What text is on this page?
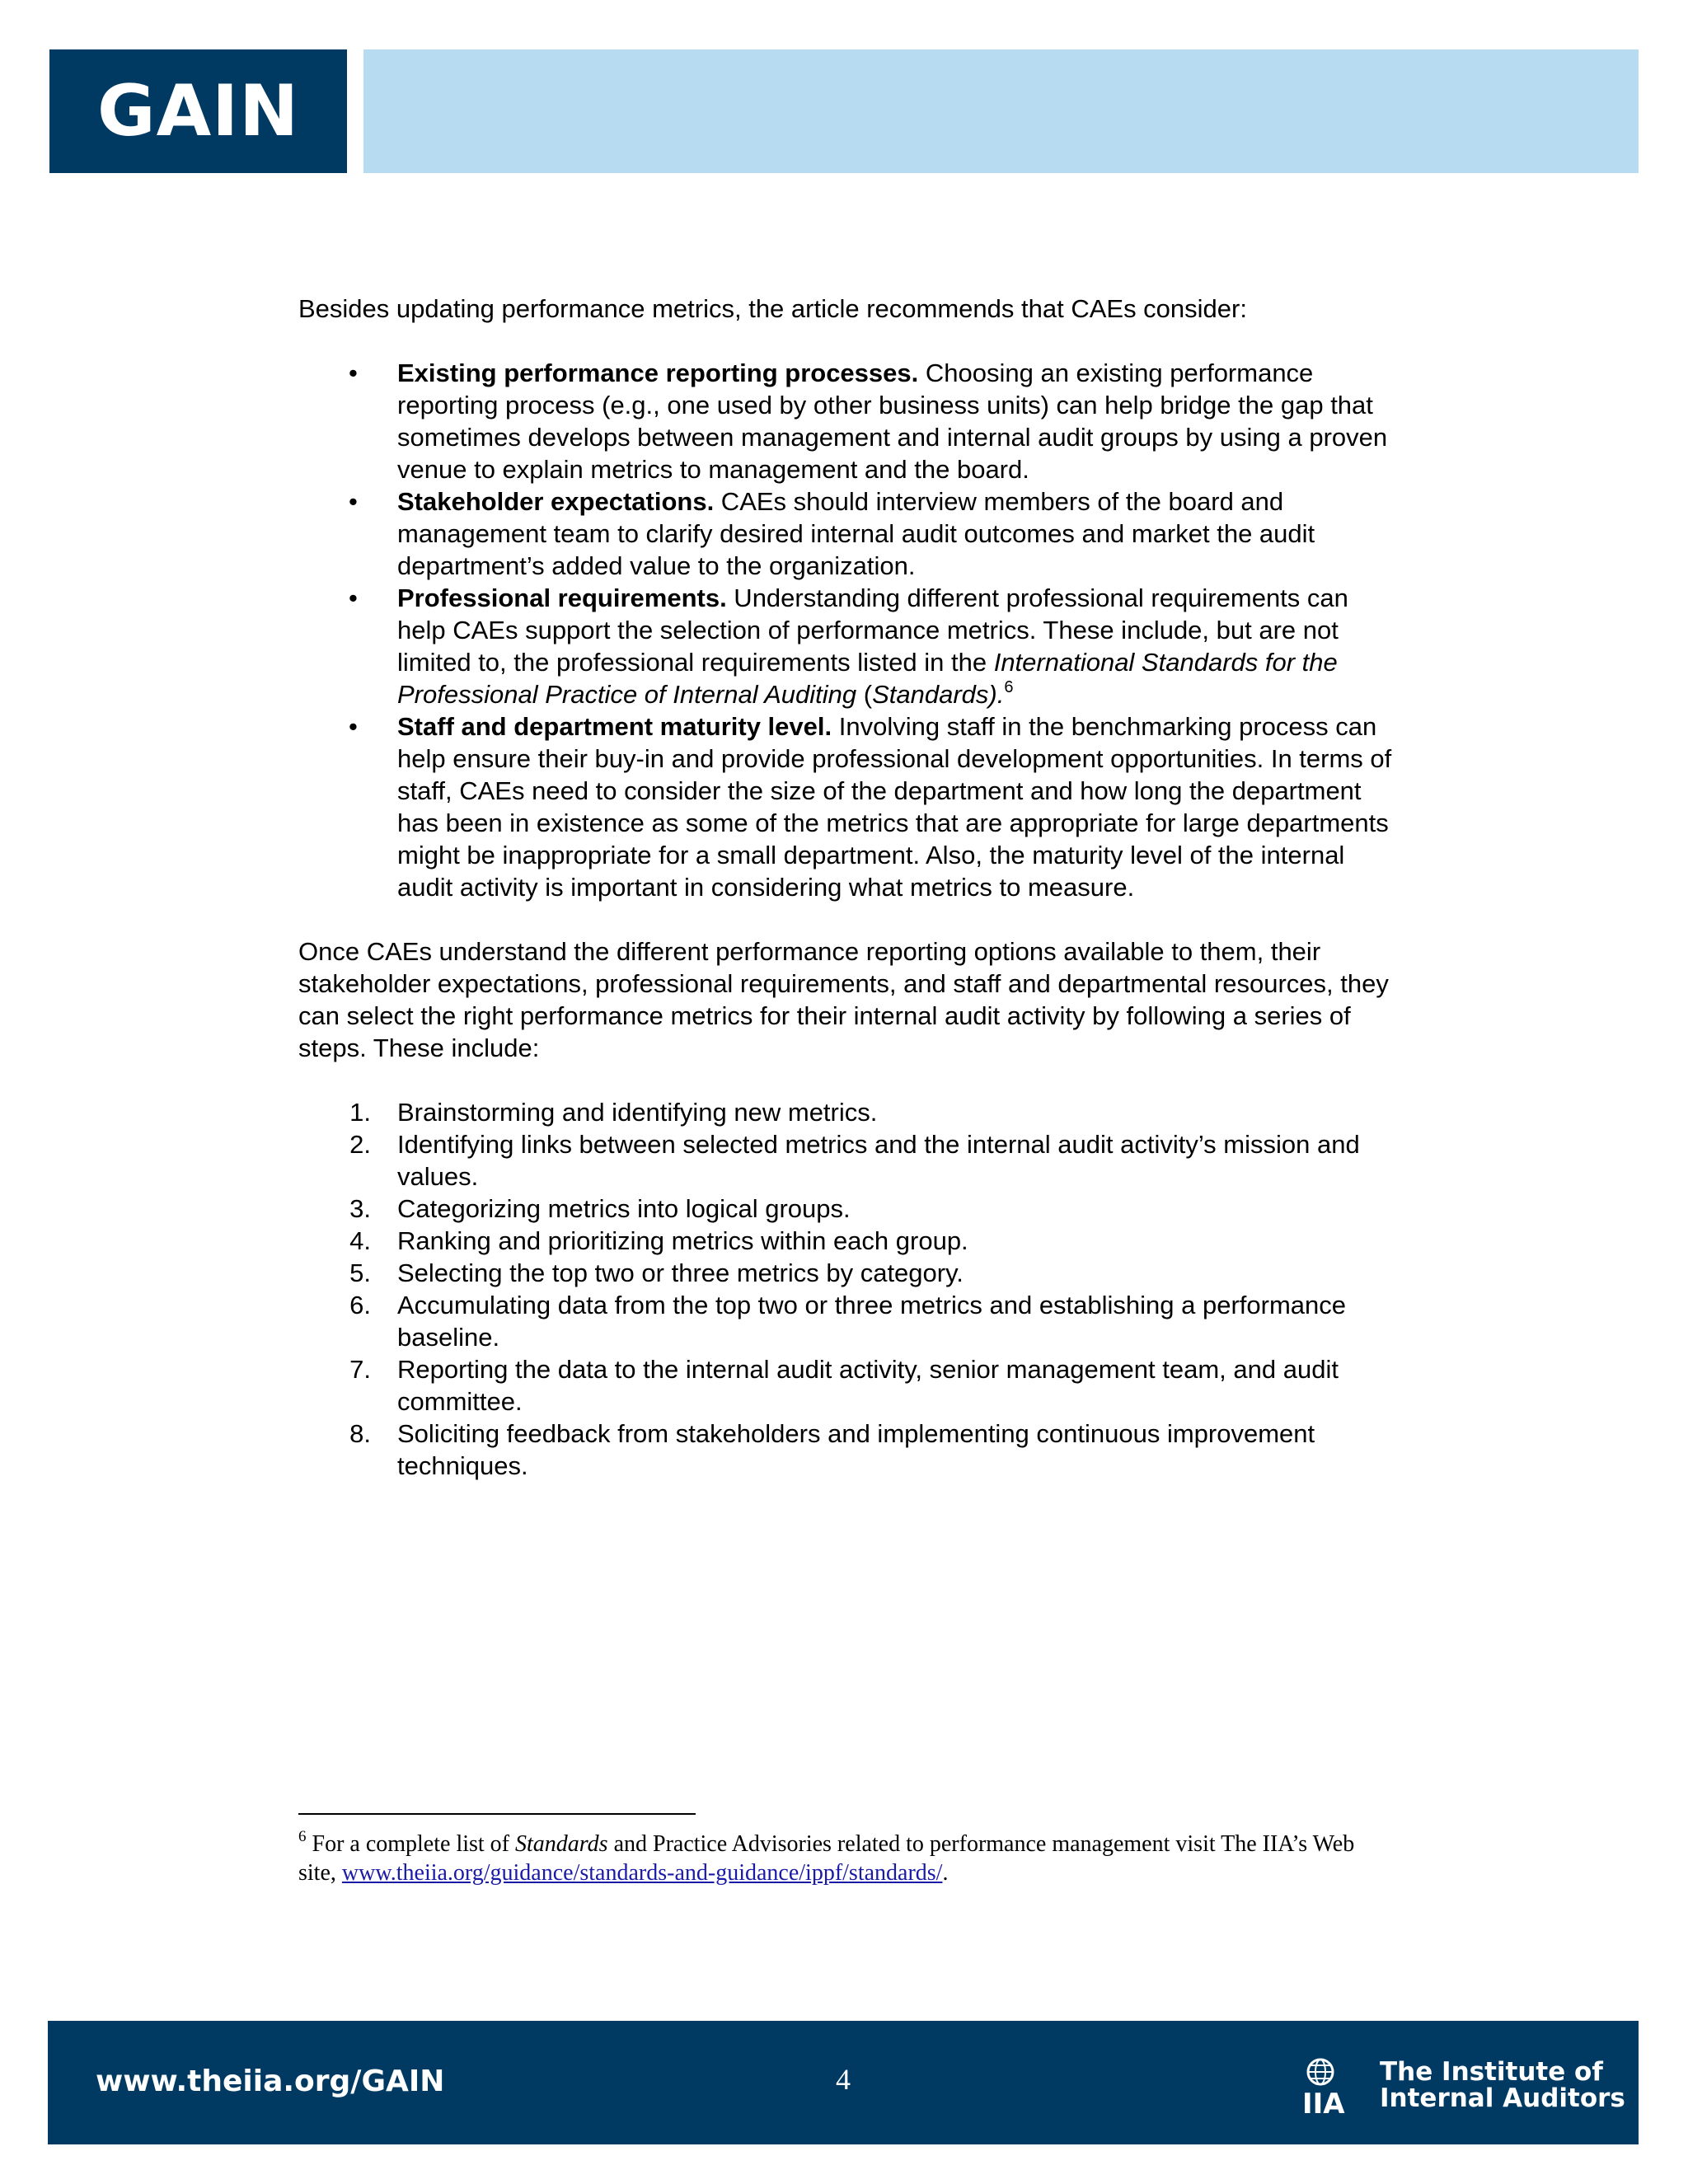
GAIN

Besides updating performance metrics, the article recommends that CAEs consider:

• Existing performance reporting processes. Choosing an existing performance reporting process (e.g., one used by other business units) can help bridge the gap that sometimes develops between management and internal audit groups by using a proven venue to explain metrics to management and the board.
• Stakeholder expectations. CAEs should interview members of the board and management team to clarify desired internal audit outcomes and market the audit department’s added value to the organization.
• Professional requirements. Understanding different professional requirements can help CAEs support the selection of performance metrics. These include, but are not limited to, the professional requirements listed in the International Standards for the Professional Practice of Internal Auditing (Standards).$^6$
• Staff and department maturity level. Involving staff in the benchmarking process can help ensure their buy-in and provide professional development opportunities. In terms of staff, CAEs need to consider the size of the department and how long the department has been in existence as some of the metrics that are appropriate for large departments might be inappropriate for a small department. Also, the maturity level of the internal audit activity is important in considering what metrics to measure.

Once CAEs understand the different performance reporting options available to them, their stakeholder expectations, professional requirements, and staff and departmental resources, they can select the right performance metrics for their internal audit activity by following a series of steps. These include:

1. Brainstorming and identifying new metrics.
2. Identifying links between selected metrics and the internal audit activity’s mission and values.
3. Categorizing metrics into logical groups.
4. Ranking and prioritizing metrics within each group.
5. Selecting the top two or three metrics by category.
6. Accumulating data from the top two or three metrics and establishing a performance baseline.
7. Reporting the data to the internal audit activity, senior management team, and audit committee.
8. Soliciting feedback from stakeholders and implementing continuous improvement techniques.
$^6$ For a complete list of Standards and Practice Advisories related to performance management visit The IIA’s Web site, www.theiia.org/guidance/standards-and-guidance/ippf/standards/.
www.theiia.org/GAIN	4
IIA
The Institute of
Internal Auditors
